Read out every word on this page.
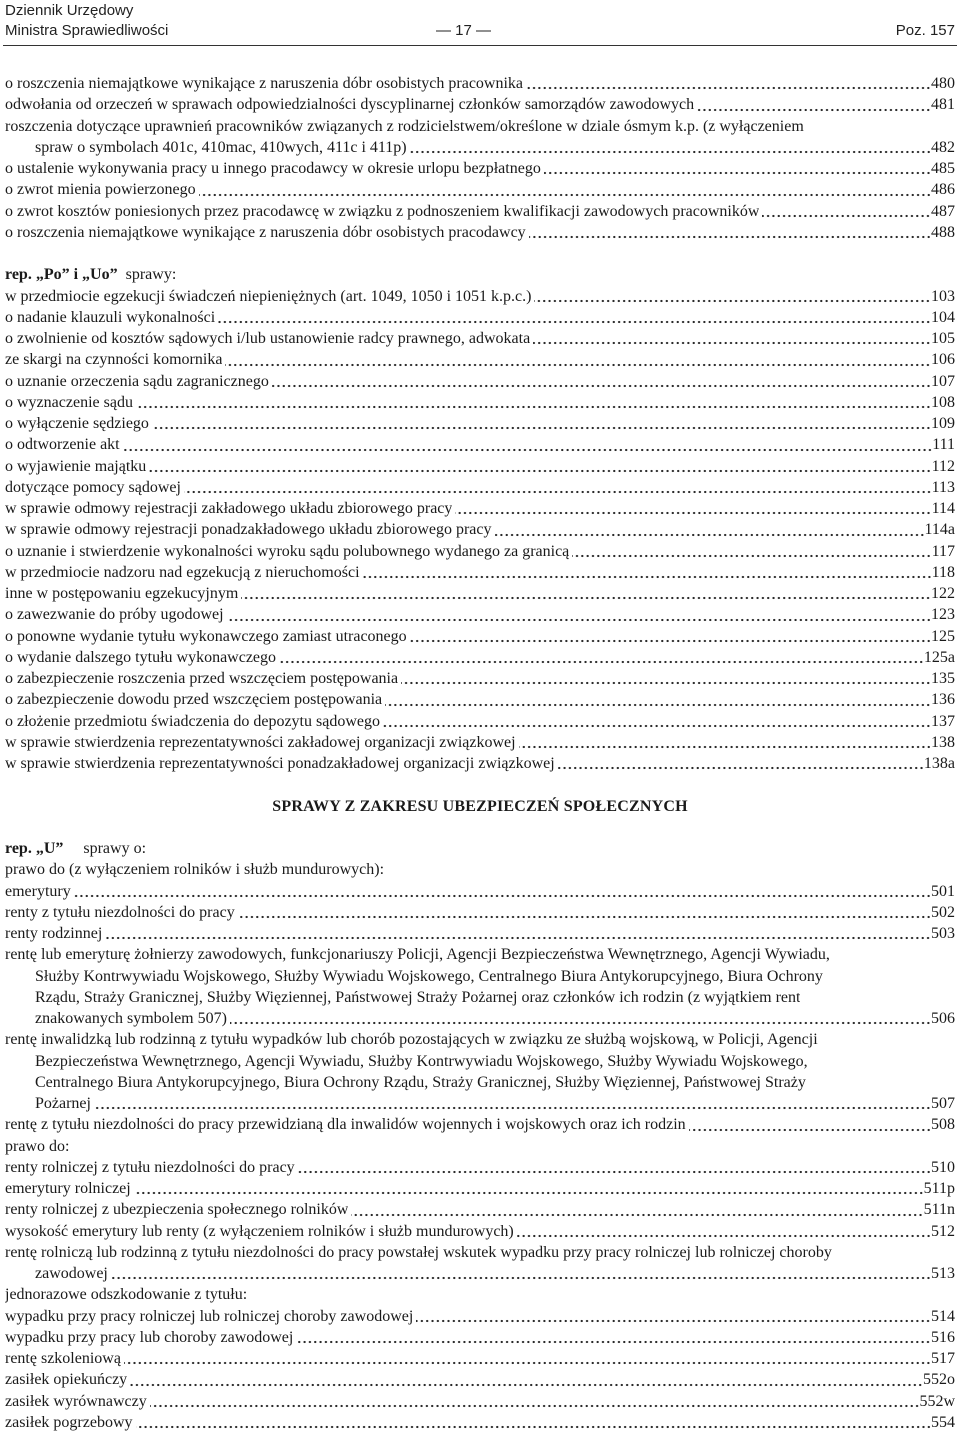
Dziennik Urzędowy
Ministra Sprawiedliwości	— 17 —	Poz. 157
o roszczenia niemajątkowe wynikające z naruszenia dóbr osobistych pracownika	480
odwołania od orzeczeń w sprawach odpowiedzialności dyscyplinarnej członków samorządów zawodowych	481
roszczenia dotyczące uprawnień pracowników związanych z rodzicielstwem/określone w dziale ósmym k.p. (z wyłączeniem
spraw o symbolach 401c, 410mac, 410wych, 411c i 411p)	482
o ustalenie wykonywania pracy u innego pracodawcy w okresie urlopu bezpłatnego	485
o zwrot mienia powierzonego	486
o zwrot kosztów poniesionych przez pracodawcę w związku z podnoszeniem kwalifikacji zawodowych pracowników	487
o roszczenia niemajątkowe wynikające z naruszenia dóbr osobistych pracodawcy	488
rep. „Po” i „Uo” sprawy:
w przedmiocie egzekucji świadczeń niepieniężnych (art. 1049, 1050 i 1051 k.p.c.)	103
o nadanie klauzuli wykonalności	104
o zwolnienie od kosztów sądowych i/lub ustanowienie radcy prawnego, adwokata	105
ze skargi na czynności komornika	106
o uznanie orzeczenia sądu zagranicznego	107
o wyznaczenie sądu	108
o wyłączenie sędziego	109
o odtworzenie akt	111
o wyjawienie majątku	112
dotyczące pomocy sądowej	113
w sprawie odmowy rejestracji zakładowego układu zbiorowego pracy	114
w sprawie odmowy rejestracji ponadzakładowego układu zbiorowego pracy	114a
o uznanie i stwierdzenie wykonalności wyroku sądu polubownego wydanego za granicą	117
w przedmiocie nadzoru nad egzekucją z nieruchomości	118
inne w postępowaniu egzekucyjnym	122
o zawezwanie do próby ugodowej	123
o ponowne wydanie tytułu wykonawczego zamiast utraconego	125
o wydanie dalszego tytułu wykonawczego	125a
o zabezpieczenie roszczenia przed wszczęciem postępowania	135
o zabezpieczenie dowodu przed wszczęciem postępowania	136
o złożenie przedmiotu świadczenia do depozytu sądowego	137
w sprawie stwierdzenia reprezentatywności zakładowej organizacji związkowej	138
w sprawie stwierdzenia reprezentatywności ponadzakładowej organizacji związkowej	138a
SPRAWY Z ZAKRESU UBEZPIECZEŃ SPOŁECZNYCH
rep. „U” sprawy o:
prawo do (z wyłączeniem rolników i służb mundurowych):
emerytury	501
renty z tytułu niezdolności do pracy	502
renty rodzinnej	503
rentę lub emeryturę żołnierzy zawodowych, funkcjonariuszy Policji, Agencji Bezpieczeństwa Wewnętrznego, Agencji Wywiadu,
Służby Kontrwywiadu Wojskowego, Służby Wywiadu Wojskowego, Centralnego Biura Antykorupcyjnego, Biura Ochrony
Rządu, Straży Granicznej, Służby Więziennej, Państwowej Straży Pożarnej oraz członków ich rodzin (z wyjątkiem rent
znakowanych symbolem 507)	506
rentę inwalidzką lub rodzinną z tytułu wypadków lub chorób pozostających w związku ze służbą wojskową, w Policji, Agencji
Bezpieczeństwa Wewnętrznego, Agencji Wywiadu, Służby Kontrwywiadu Wojskowego, Służby Wywiadu Wojskowego,
Centralnego Biura Antykorupcyjnego, Biura Ochrony Rządu, Straży Granicznej, Służby Więziennej, Państwowej Straży
Pożarnej	507
rentę z tytułu niezdolności do pracy przewidzianą dla inwalidów wojennych i wojskowych oraz ich rodzin	508
prawo do:
renty rolniczej z tytułu niezdolności do pracy	510
emerytury rolniczej	511p
renty rolniczej z ubezpieczenia społecznego rolników	511n
wysokość emerytury lub renty (z wyłączeniem rolników i służb mundurowych)	512
rentę rolniczą lub rodzinną z tytułu niezdolności do pracy powstałej wskutek wypadku przy pracy rolniczej lub rolniczej choroby
zawodowej	513
jednorazowe odszkodowanie z tytułu:
wypadku przy pracy rolniczej lub rolniczej choroby zawodowej	514
wypadku przy pracy lub choroby zawodowej	516
rentę szkoleniową	517
zasiłek opiekuńczy	552o
zasiłek wyrównawczy	552w
zasiłek pogrzebowy	554
